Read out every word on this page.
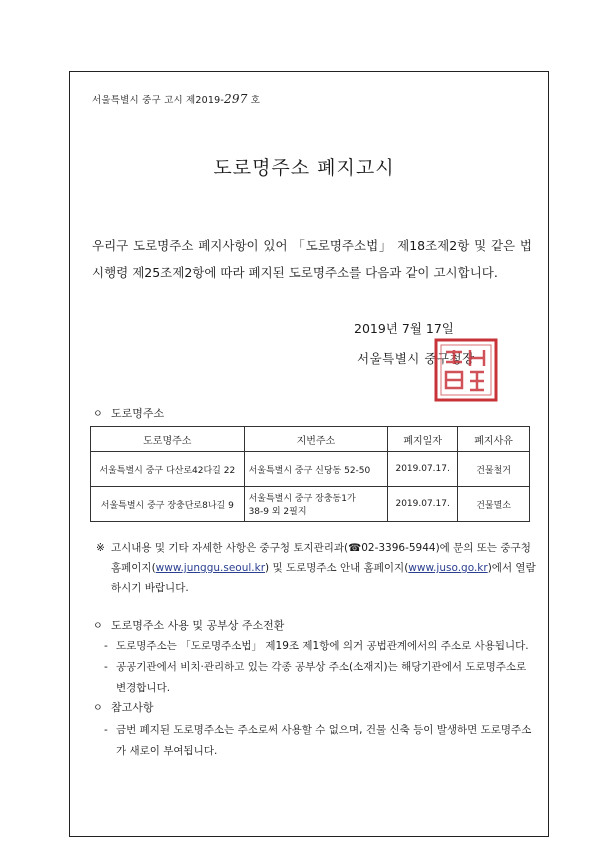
서울특별시 중구 고시 제2019-297 호
도로명주소 폐지고시

우리구 도로명주소 폐지사항이 있어 「도로명주소법」 제18조제2항 및 같은 법 시행령 제25조제2항에 따라 폐지된 도로명주소를 다음과 같이 고시합니다.

2019년 7월 17일
서울특별시 중구청장
ㅇ 도로명주소
도로명주소	지번주소	폐지일자	폐지사유
서울특별시 중구 다산로42다길 22	서울특별시 중구 신당동 52-50	2019.07.17.	건물철거
서울특별시 중구 장충단로8나길 9	서울특별시 중구 장충동1가
38-9 외 2필지	2019.07.17.	건물멸소
※ 고시내용 및 기타 자세한 사항은 중구청 토지관리과(☎02-3396-5944)에 문의 또는 중구청 홈페이지(www.junggu.seoul.kr) 및 도로명주소 안내 홈페이지(www.juso.go.kr)에서 열람하시기 바랍니다.
ㅇ 도로명주소 사용 및 공부상 주소전환
- 도로명주소는 「도로명주소법」 제19조 제1항에 의거 공법관계에서의 주소로 사용됩니다.
- 공공기관에서 비치·관리하고 있는 각종 공부상 주소(소재지)는 해당기관에서 도로명주소로 변경합니다.
ㅇ 참고사항
- 금번 폐지된 도로명주소는 주소로써 사용할 수 없으며, 건물 신축 등이 발생하면 도로명주소가 새로이 부여됩니다.
